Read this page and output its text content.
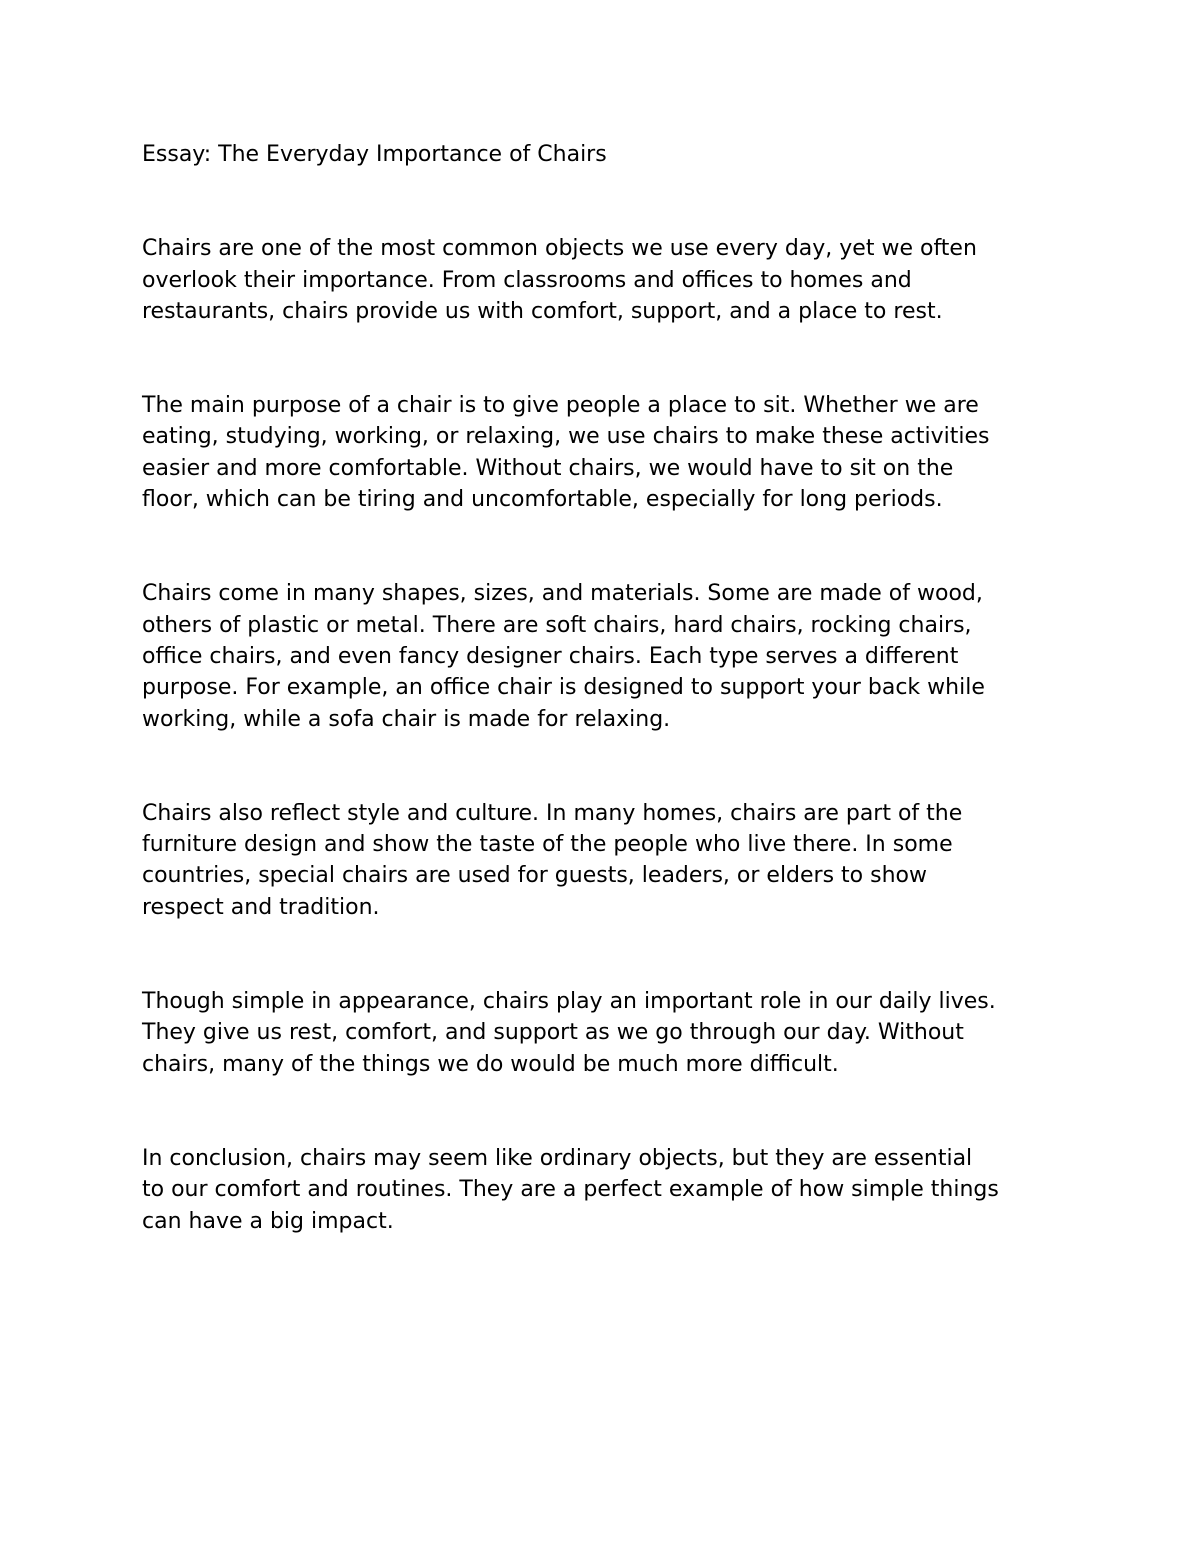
Essay: The Everyday Importance of Chairs

Chairs are one of the most common objects we use every day, yet we often
overlook their importance. From classrooms and offices to homes and
restaurants, chairs provide us with comfort, support, and a place to rest.

The main purpose of a chair is to give people a place to sit. Whether we are
eating, studying, working, or relaxing, we use chairs to make these activities
easier and more comfortable. Without chairs, we would have to sit on the
floor, which can be tiring and uncomfortable, especially for long periods.

Chairs come in many shapes, sizes, and materials. Some are made of wood,
others of plastic or metal. There are soft chairs, hard chairs, rocking chairs,
office chairs, and even fancy designer chairs. Each type serves a different
purpose. For example, an office chair is designed to support your back while
working, while a sofa chair is made for relaxing.

Chairs also reflect style and culture. In many homes, chairs are part of the
furniture design and show the taste of the people who live there. In some
countries, special chairs are used for guests, leaders, or elders to show
respect and tradition.

Though simple in appearance, chairs play an important role in our daily lives.
They give us rest, comfort, and support as we go through our day. Without
chairs, many of the things we do would be much more difficult.

In conclusion, chairs may seem like ordinary objects, but they are essential
to our comfort and routines. They are a perfect example of how simple things
can have a big impact.
